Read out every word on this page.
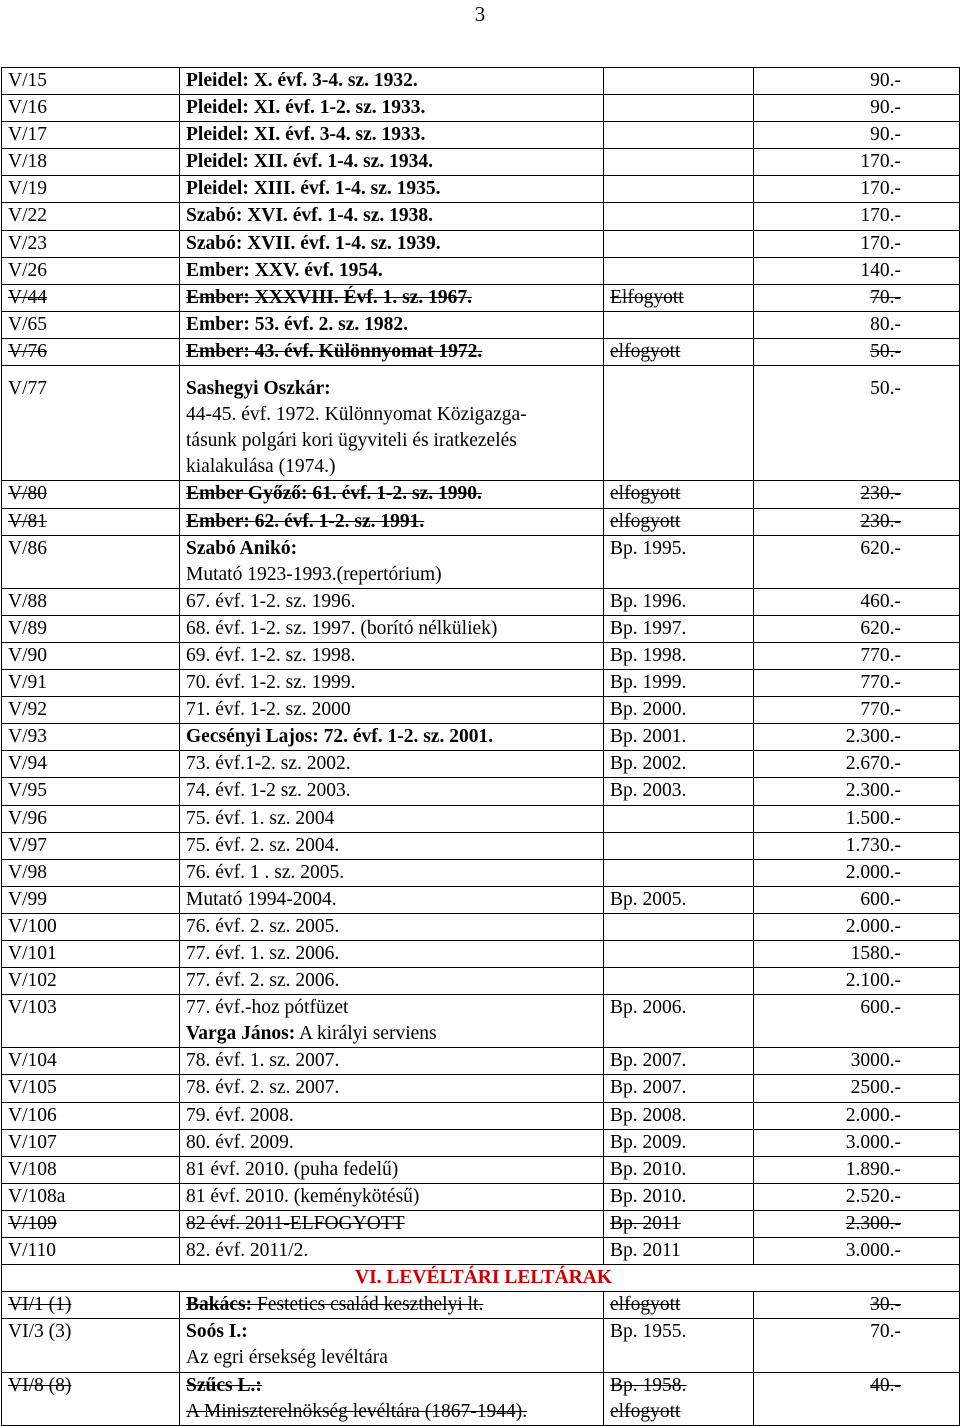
3
V/15	Pleidel: X. évf. 3-4. sz. 1932.		90.-
V/16	Pleidel: XI. évf. 1-2. sz. 1933.		90.-
V/17	Pleidel: XI. évf. 3-4. sz. 1933.		90.-
V/18	Pleidel: XII. évf. 1-4. sz. 1934.		170.-
V/19	Pleidel: XIII. évf. 1-4. sz. 1935.		170.-
V/22	Szabó: XVI. évf. 1-4. sz. 1938.		170.-
V/23	Szabó: XVII. évf. 1-4. sz. 1939.		170.-
V/26	Ember: XXV. évf. 1954.		140.-
V/44	Ember: XXXVIII. Évf. 1. sz. 1967.	Elfogyott	70.-
V/65	Ember: 53. évf. 2. sz. 1982.		80.-
V/76	Ember: 43. évf. Különnyomat 1972.	elfogyott	50.-
V/77	Sashegyi Oszkár:
44-45. évf. 1972. Különnyomat Közigazga-
tásunk polgári kori ügyviteli és iratkezelés
kialakulása (1974.)		50.-
V/80	Ember Győző: 61. évf. 1-2. sz. 1990.	elfogyott	230.-
V/81	Ember: 62. évf. 1-2. sz. 1991.	elfogyott	230.-
V/86	Szabó Anikó:
Mutató 1923-1993.(repertórium)	Bp. 1995.	620.-
V/88	67. évf. 1-2. sz. 1996.	Bp. 1996.	460.-
V/89	68. évf. 1-2. sz. 1997. (borító nélküliek)	Bp. 1997.	620.-
V/90	69. évf. 1-2. sz. 1998.	Bp. 1998.	770.-
V/91	70. évf. 1-2. sz. 1999.	Bp. 1999.	770.-
V/92	71. évf. 1-2. sz. 2000	Bp. 2000.	770.-
V/93	Gecsényi Lajos: 72. évf. 1-2. sz. 2001.	Bp. 2001.	2.300.-
V/94	73. évf.1-2. sz. 2002.	Bp. 2002.	2.670.-
V/95	74. évf. 1-2 sz. 2003.	Bp. 2003.	2.300.-
V/96	75. évf. 1. sz. 2004		1.500.-
V/97	75. évf. 2. sz. 2004.		1.730.-
V/98	76. évf. 1 . sz. 2005.		2.000.-
V/99	Mutató 1994-2004.	Bp. 2005.	600.-
V/100	76. évf. 2. sz. 2005.		2.000.-
V/101	77. évf. 1. sz. 2006.		1580.-
V/102	77. évf. 2. sz. 2006.		2.100.-
V/103	77. évf.-hoz pótfüzet
Varga János: A királyi serviens	Bp. 2006.	600.-
V/104	78. évf. 1. sz. 2007.	Bp. 2007.	3000.-
V/105	78. évf. 2. sz. 2007.	Bp. 2007.	2500.-
V/106	79. évf. 2008.	Bp. 2008.	2.000.-
V/107	80. évf. 2009.	Bp. 2009.	3.000.-
V/108	81 évf. 2010. (puha fedelű)	Bp. 2010.	1.890.-
V/108a	81 évf. 2010. (keménykötésű)	Bp. 2010.	2.520.-
V/109	82 évf. 2011-ELFOGYOTT	Bp. 2011	2.300.-
V/110	82. évf. 2011/2.	Bp. 2011	3.000.-
VI. LEVÉLTÁRI LELTÁRAK			
VI/1 (1)	Bakács: Festetics család keszthelyi lt.	elfogyott	30.-
VI/3 (3)	Soós I.:
Az egri érsekség levéltára	Bp. 1955.	70.-
VI/8 (8)	Szűcs L.:
A Miniszterelnökség levéltára (1867-1944).	Bp. 1958.
elfogyott	40.-
